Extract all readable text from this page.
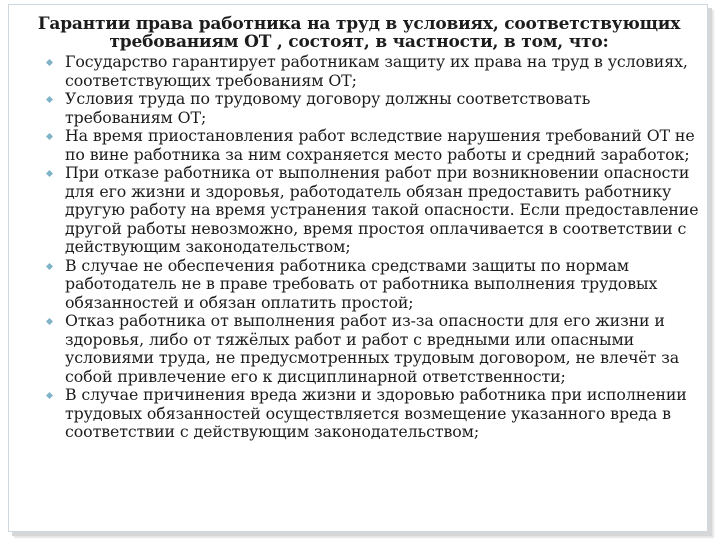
Гарантии права работника на труд в условиях, соответствующих требованиям ОТ , состоят, в частности, в том, что:

Государство гарантирует работникам защиту их права на труд в условиях, соответствующих требованиям ОТ;
Условия труда по трудовому договору должны соответствовать требованиям ОТ;
На время приостановления работ вследствие нарушения требований ОТ не по вине работника за ним сохраняется место работы и средний заработок;
При отказе работника от выполнения работ при возникновении опасности для его жизни и здоровья, работодатель обязан предоставить работнику другую работу на время устранения такой опасности. Если предоставление другой работы невозможно, время простоя оплачивается в соответствии с действующим законодательством;
В случае не обеспечения работника средствами защиты по нормам работодатель не в праве требовать от работника выполнения трудовых обязанностей и обязан оплатить простой;
Отказ работника от выполнения работ из-за опасности для его жизни и здоровья, либо от тяжёлых работ и работ с вредными или опасными условиями труда, не предусмотренных трудовым договором, не влечёт за собой привлечение его к дисциплинарной ответственности;
В случае причинения вреда жизни и здоровью работника при исполнении трудовых обязанностей осуществляется возмещение указанного вреда в соответствии с действующим законодательством;
